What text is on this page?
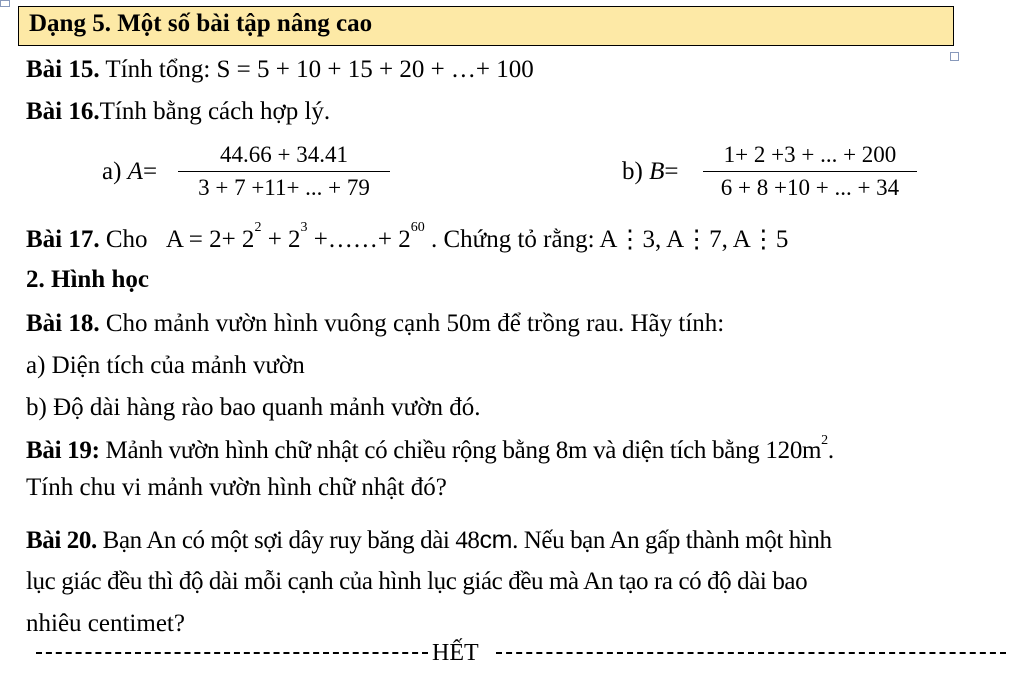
Dạng 5. Một số bài tập nâng cao
Bài 15. Tính tổng: S = 5 + 10 + 15 + 20 + …+ 100
Bài 16.Tính bằng cách hợp lý.
a) A=
44.66 + 34.41
3 + 7 +11+ ... + 79
b) B=
1+ 2 +3 + ... + 200
6 + 8 +10 + ... + 34
Bài 17. Cho $A = 2+ 2^2 + 2^3$ +……+ $2^{60}$ . Chứng tỏ rằng: A⋮3, A⋮7, A⋮5
2. Hình học
Bài 18. Cho mảnh vườn hình vuông cạnh 50m để trồng rau. Hãy tính:
a) Diện tích của mảnh vườn
b) Độ dài hàng rào bao quanh mảnh vườn đó.
Bài 19: Mảnh vườn hình chữ nhật có chiều rộng bằng 8m và diện tích bằng $120m^2$.
Tính chu vi mảnh vườn hình chữ nhật đó?
Bài 20. Bạn An có một sợi dây ruy băng dài 48cm. Nếu bạn An gấp thành một hình
lục giác đều thì độ dài mỗi cạnh của hình lục giác đều mà An tạo ra có độ dài bao
nhiêu centimet?
HẾT
